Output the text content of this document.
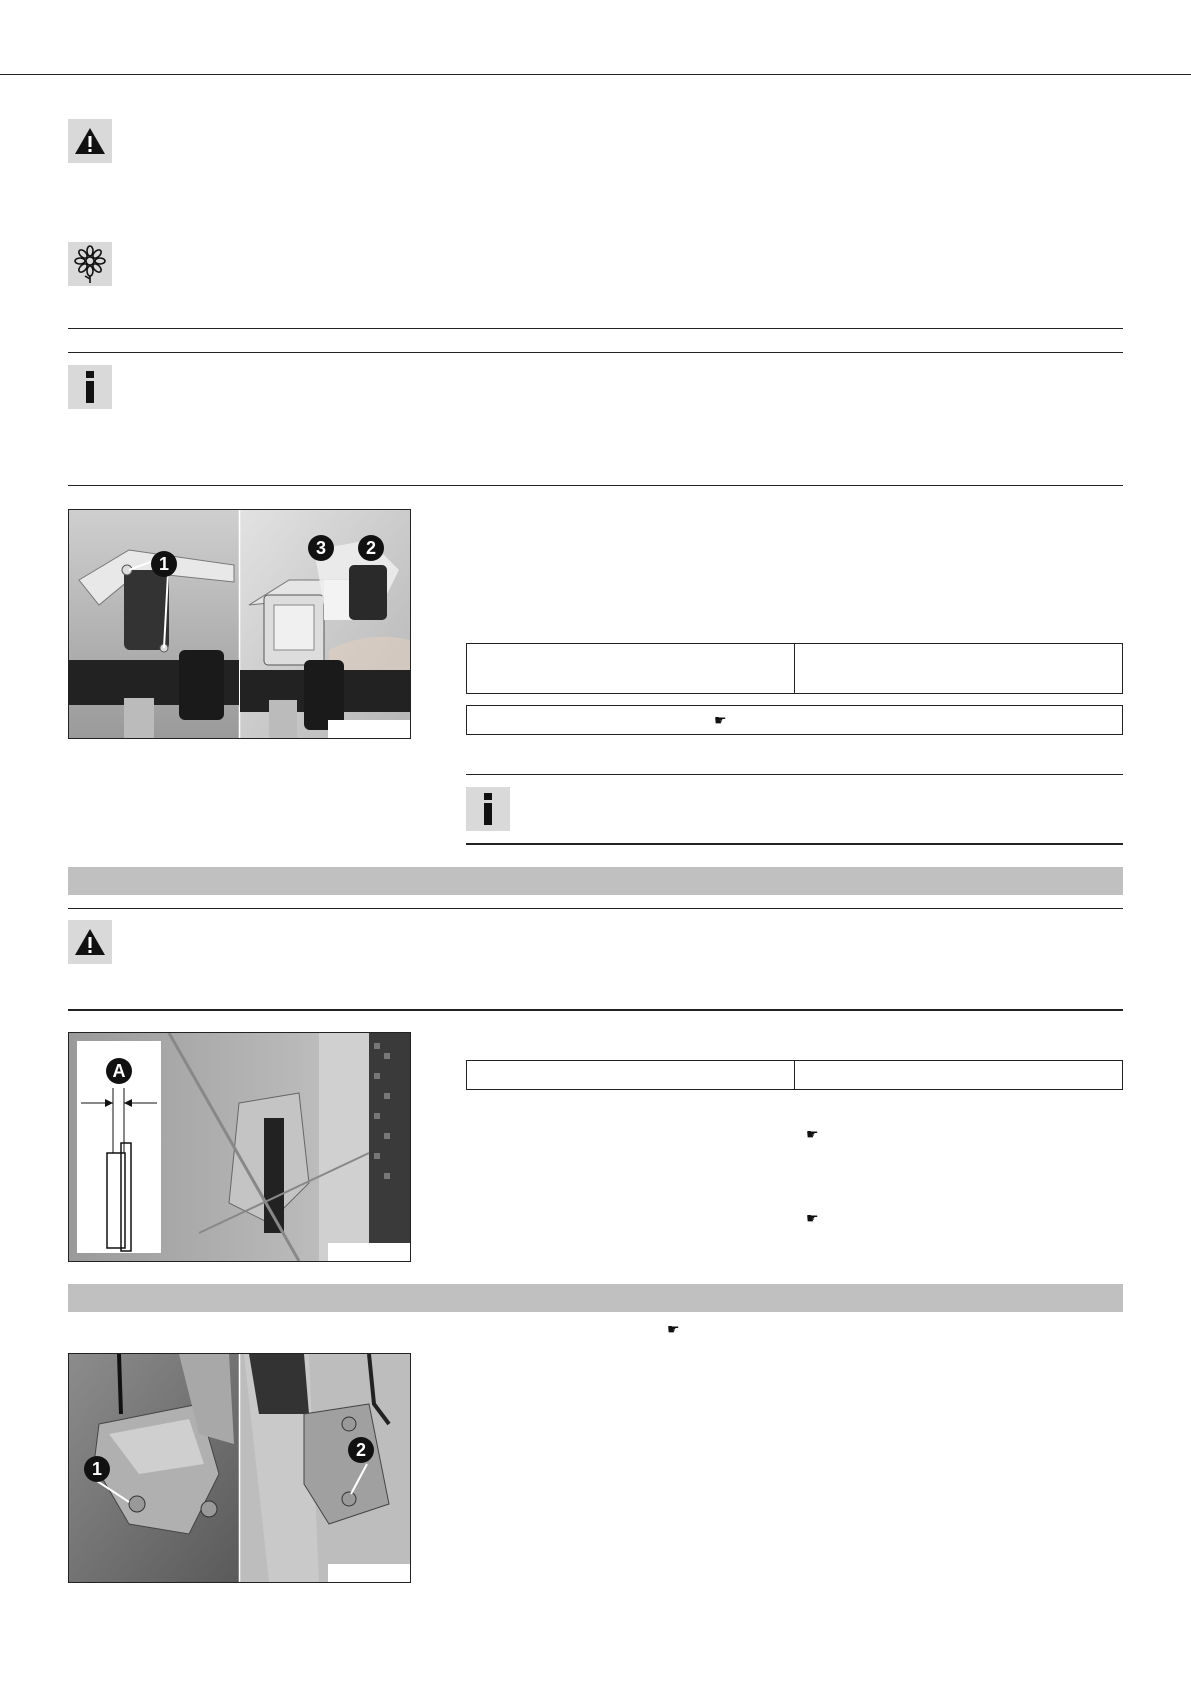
1
3	2
☛
A
☛
☛
☛
1
2
